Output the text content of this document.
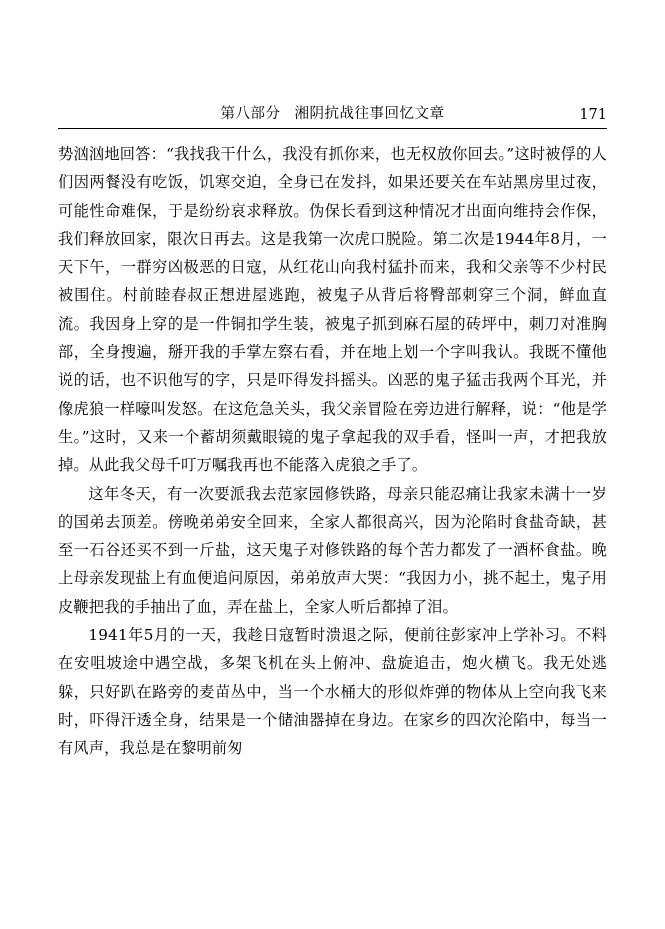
第八部分 湘阴抗战往事回忆文章	171

势汹汹地回答：“我找我干什么，我没有抓你来，也无权放你回去。”这时被俘的人们因两餐没有吃饭，饥寒交迫，全身已在发抖，如果还要关在车站黑房里过夜，可能性命难保，于是纷纷哀求释放。伪保长看到这种情况才出面向维持会作保，我们释放回家，限次日再去。这是我第一次虎口脱险。第二次是1944年8月，一天下午，一群穷凶极恶的日寇，从红花山向我村猛扑而来，我和父亲等不少村民被围住。村前睦春叔正想进屋逃跑，被鬼子从背后将臀部刺穿三个洞，鲜血直流。我因身上穿的是一件铜扣学生装，被鬼子抓到麻石屋的砖坪中，刺刀对准胸部，全身搜遍，掰开我的手掌左察右看，并在地上划一个字叫我认。我既不懂他说的话，也不识他写的字，只是吓得发抖摇头。凶恶的鬼子猛击我两个耳光，并像虎狼一样嚎叫发怒。在这危急关头，我父亲冒险在旁边进行解释，说：“他是学生。”这时，又来一个蓄胡须戴眼镜的鬼子拿起我的双手看，怪叫一声，才把我放掉。从此我父母千叮万嘱我再也不能落入虎狼之手了。

这年冬天，有一次要派我去范家园修铁路，母亲只能忍痛让我家未满十一岁的国弟去顶差。傍晚弟弟安全回来，全家人都很高兴，因为沦陷时食盐奇缺，甚至一石谷还买不到一斤盐，这天鬼子对修铁路的每个苦力都发了一酒杯食盐。晚上母亲发现盐上有血便追问原因，弟弟放声大哭：“我因力小，挑不起土，鬼子用皮鞭把我的手抽出了血，弄在盐上，全家人听后都掉了泪。

1941年5月的一天，我趁日寇暂时溃退之际，便前往彭家冲上学补习。不料在安咀坡途中遇空战，多架飞机在头上俯冲、盘旋追击，炮火横飞。我无处逃躲，只好趴在路旁的麦苗丛中，当一个水桶大的形似炸弹的物体从上空向我飞来时，吓得汗透全身，结果是一个储油器掉在身边。在家乡的四次沦陷中，每当一有风声，我总是在黎明前匆
